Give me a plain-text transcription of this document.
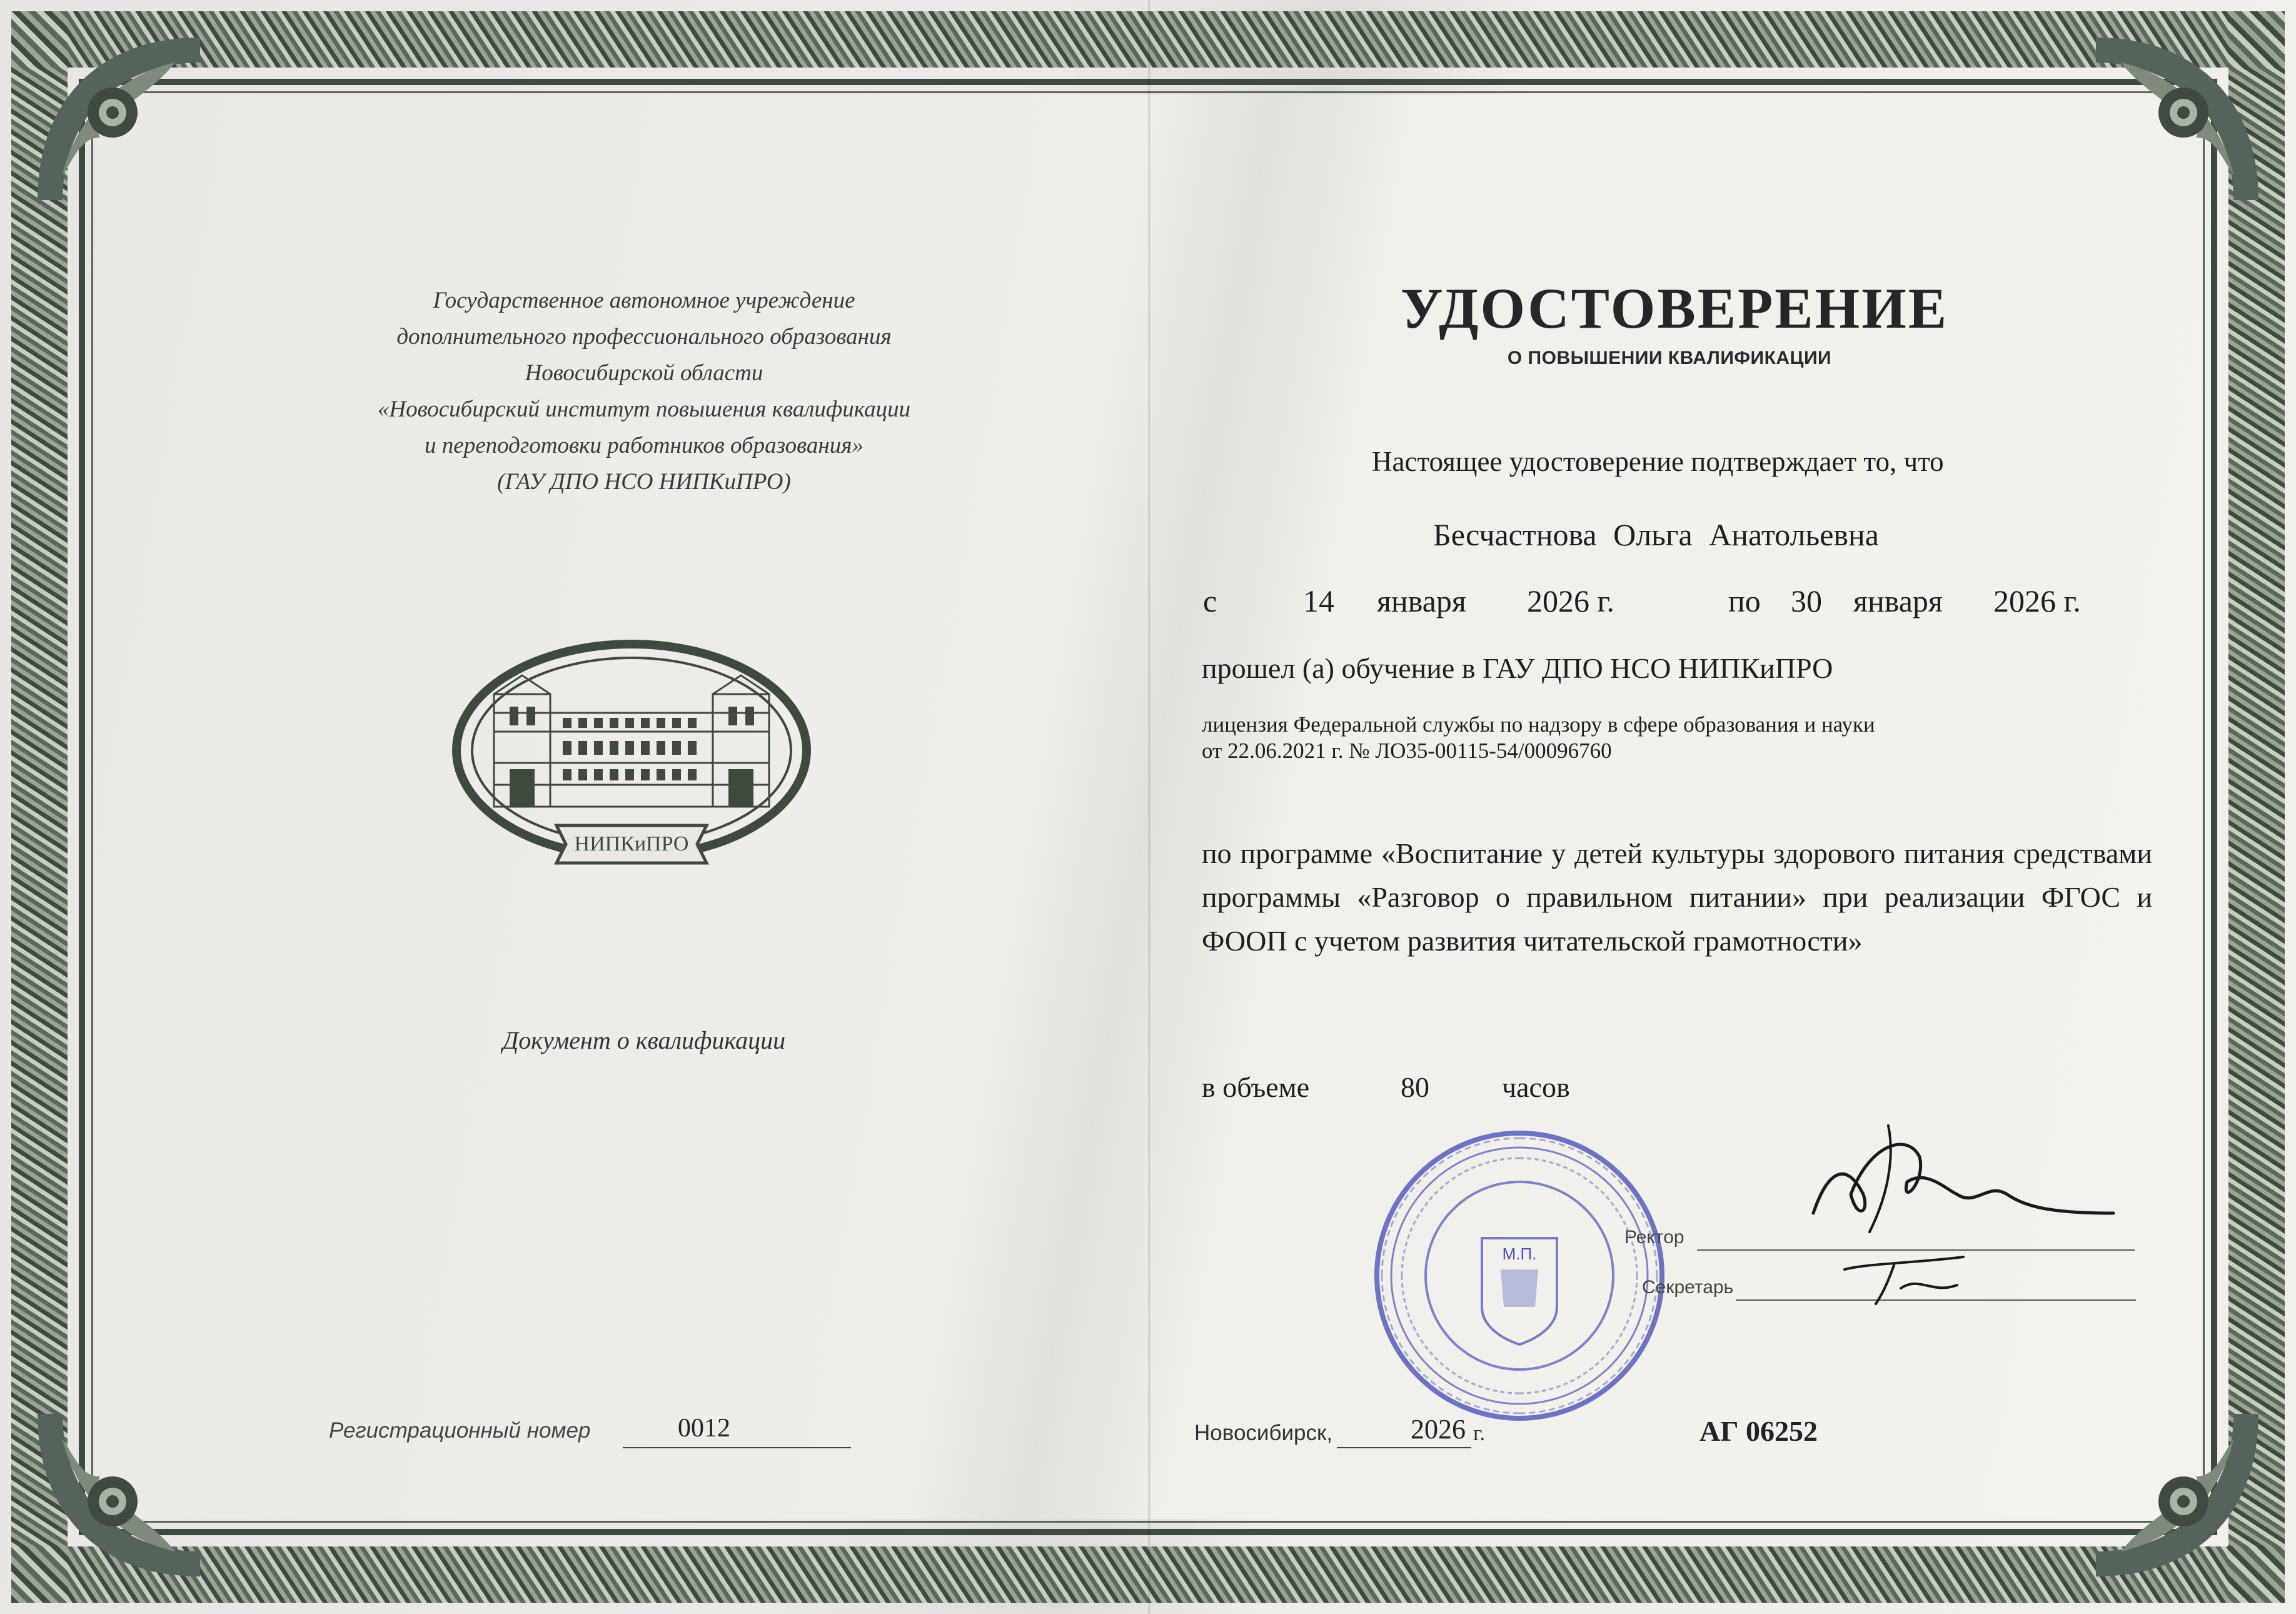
Государственное автономное учреждение
дополнительного профессионального образования
Новосибирской области
«Новосибирский институт повышения квалификации
и переподготовки работников образования»
(ГАУ ДПО НСО НИПКиПРО)
НИПКиПРО
Документ о квалификации
Регистрационный номер	0012
УДОСТОВЕРЕНИЕ
О ПОВЫШЕНИИ КВАЛИФИКАЦИИ
Настоящее удостоверение подтверждает то, что
Бесчастнова Ольга Анатольевна
с	14 января 2026 г.	по 30 января 2026 г.
прошел (а) обучение в ГАУ ДПО НСО НИПКиПРО
лицензия Федеральной службы по надзору в сфере образования и науки
от 22.06.2021 г. № ЛО35-00115-54/00096760
по программе «Воспитание у детей культуры здорового питания средствами программы «Разговор о правильном питании» при реализации ФГОС и ФООП с учетом развития читательской грамотности»
в объеме	80	часов
М.П.
Ректор
Секретарь
Новосибирск,	2026 г.	АГ 06252
